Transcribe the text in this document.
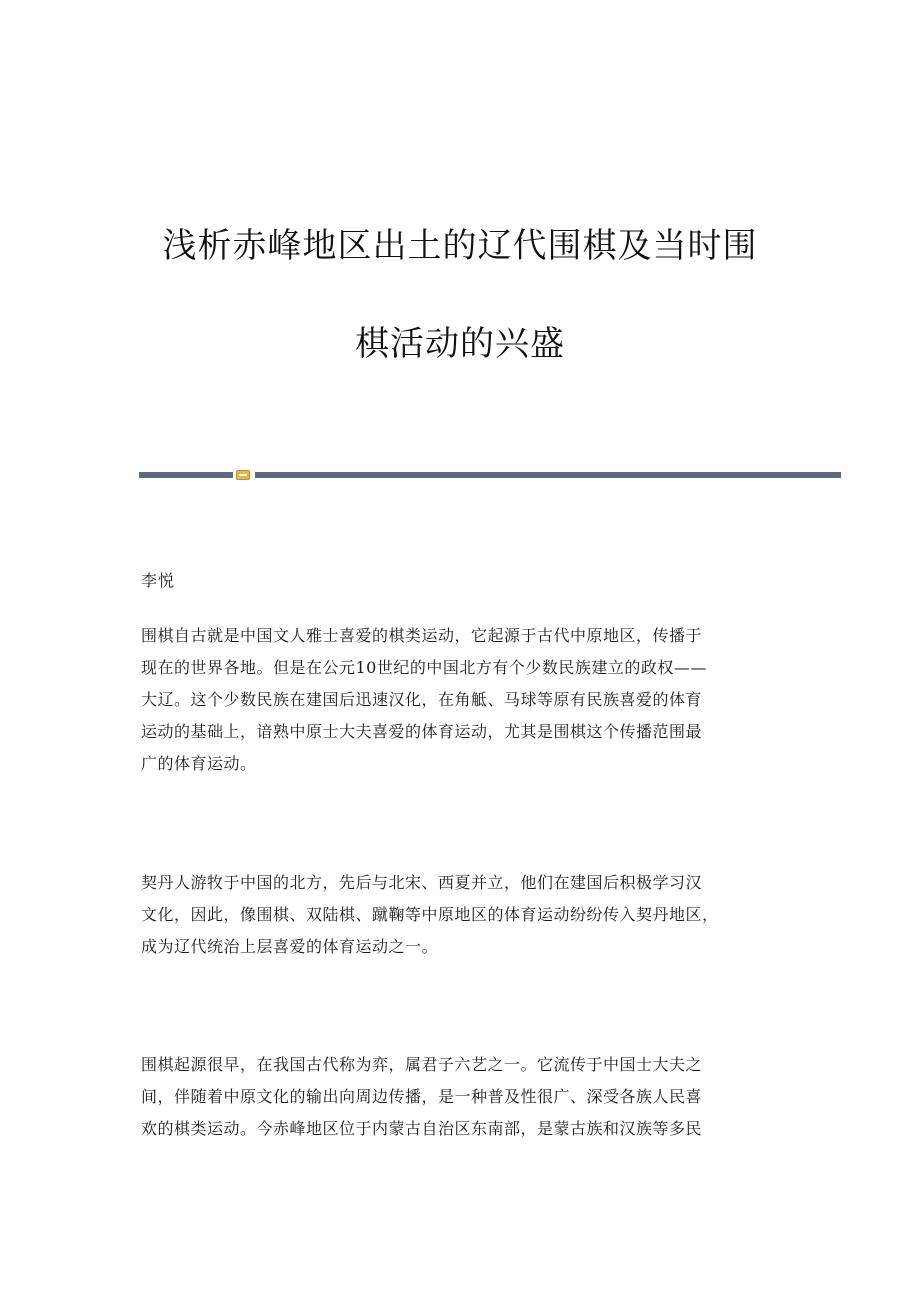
浅析赤峰地区出土的辽代围棋及当时围
棋活动的兴盛
李悦
围棋自古就是中国文人雅士喜爱的棋类运动，它起源于古代中原地区，传播于
现在的世界各地。但是在公元10世纪的中国北方有个少数民族建立的政权——
大辽。这个少数民族在建国后迅速汉化，在角觝、马球等原有民族喜爱的体育
运动的基础上，谙熟中原士大夫喜爱的体育运动，尤其是围棋这个传播范围最
广的体育运动。
契丹人游牧于中国的北方，先后与北宋、西夏并立，他们在建国后积极学习汉
文化，因此，像围棋、双陆棋、蹴鞠等中原地区的体育运动纷纷传入契丹地区，
成为辽代统治上层喜爱的体育运动之一。
围棋起源很早，在我国古代称为弈，属君子六艺之一。它流传于中国士大夫之
间，伴随着中原文化的输出向周边传播，是一种普及性很广、深受各族人民喜
欢的棋类运动。今赤峰地区位于内蒙古自治区东南部，是蒙古族和汉族等多民
